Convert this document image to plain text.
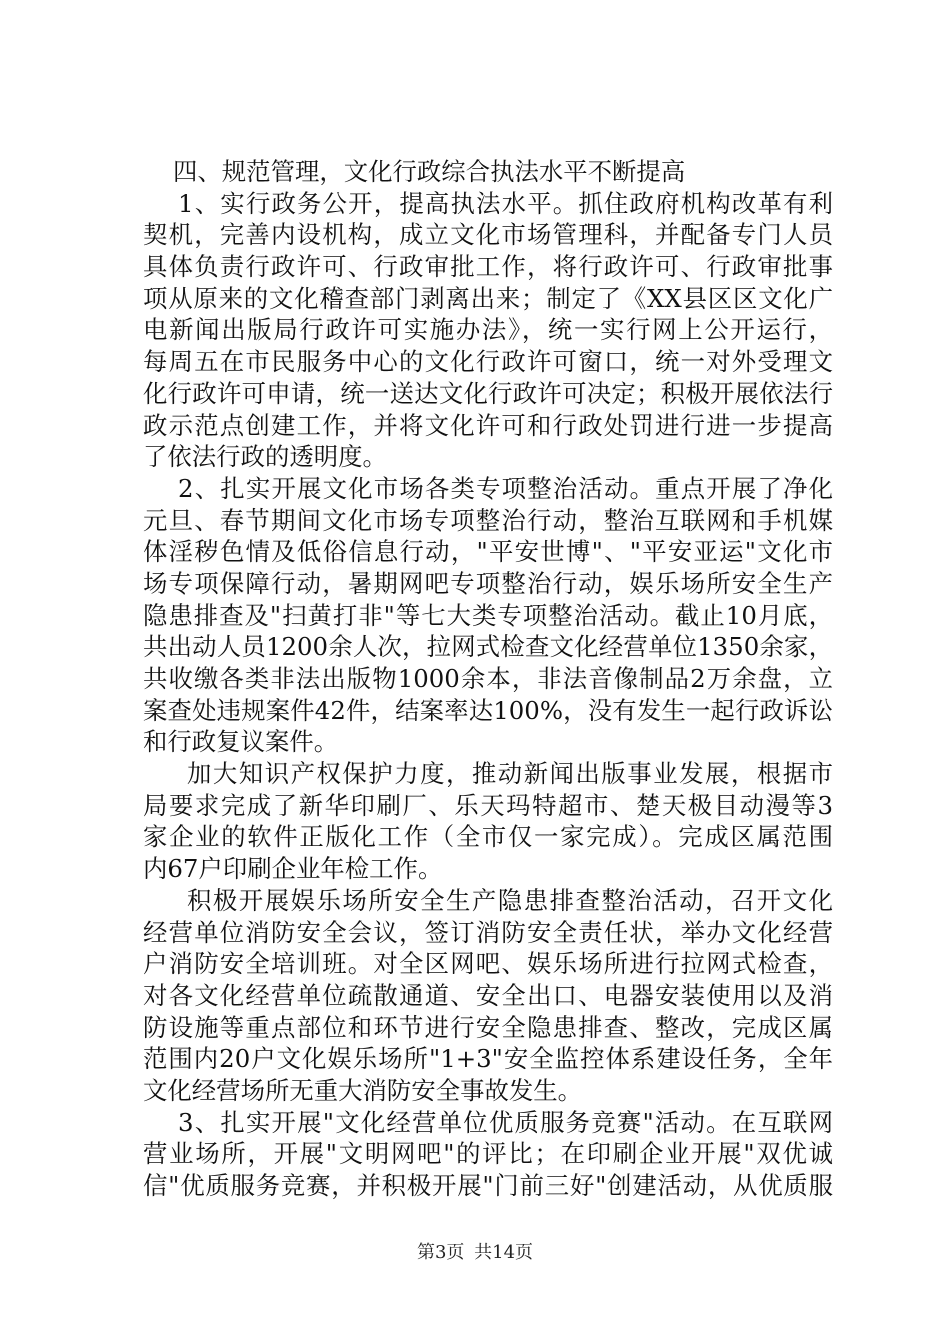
四、规范管理，文化行政综合执法水平不断提高
1、实行政务公开，提高执法水平。抓住政府机构改革有利
契机，完善内设机构，成立文化市场管理科，并配备专门人员
具体负责行政许可、行政审批工作，将行政许可、行政审批事
项从原来的文化稽查部门剥离出来；制定了《XX县区区文化广
电新闻出版局行政许可实施办法》，统一实行网上公开运行，
每周五在市民服务中心的文化行政许可窗口，统一对外受理文
化行政许可申请，统一送达文化行政许可决定；积极开展依法行
政示范点创建工作，并将文化许可和行政处罚进行进一步提高
了依法行政的透明度。
2、扎实开展文化市场各类专项整治活动。重点开展了净化
元旦、春节期间文化市场专项整治行动，整治互联网和手机媒
体淫秽色情及低俗信息行动，"平安世博"、"平安亚运"文化市
场专项保障行动，暑期网吧专项整治行动，娱乐场所安全生产
隐患排查及"扫黄打非"等七大类专项整治活动。截止10月底，
共出动人员1200余人次，拉网式检查文化经营单位1350余家，
共收缴各类非法出版物1000余本，非法音像制品2万余盘，立
案查处违规案件42件，结案率达100%，没有发生一起行政诉讼
和行政复议案件。
加大知识产权保护力度，推动新闻出版事业发展，根据市
局要求完成了新华印刷厂、乐天玛特超市、楚天极目动漫等3
家企业的软件正版化工作（全市仅一家完成）。完成区属范围
内67户印刷企业年检工作。
积极开展娱乐场所安全生产隐患排查整治活动，召开文化
经营单位消防安全会议，签订消防安全责任状，举办文化经营
户消防安全培训班。对全区网吧、娱乐场所进行拉网式检查，
对各文化经营单位疏散通道、安全出口、电器安装使用以及消
防设施等重点部位和环节进行安全隐患排查、整改，完成区属
范围内20户文化娱乐场所"1+3"安全监控体系建设任务，全年
文化经营场所无重大消防安全事故发生。
3、扎实开展"文化经营单位优质服务竞赛"活动。在互联网
营业场所，开展"文明网吧"的评比；在印刷企业开展"双优诚
信"优质服务竞赛，并积极开展"门前三好"创建活动，从优质服
第3页 共14页
